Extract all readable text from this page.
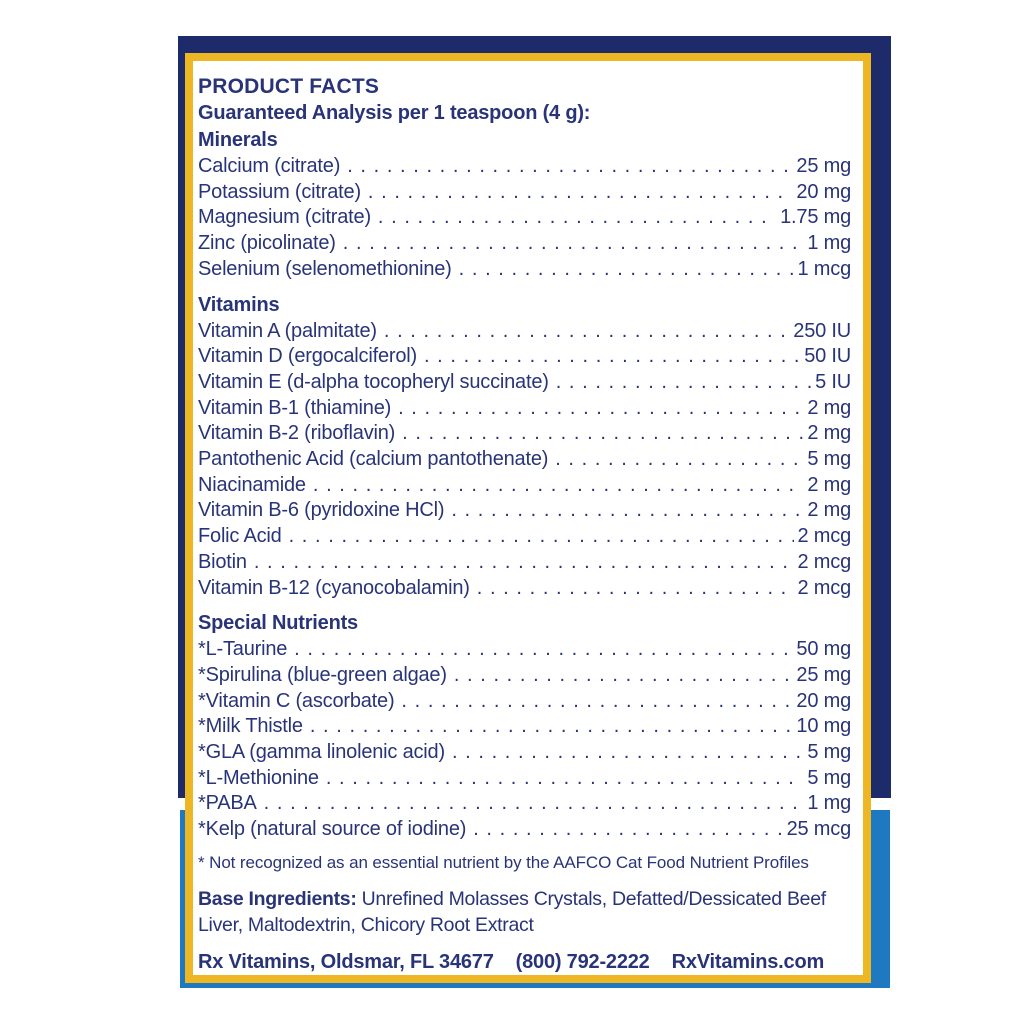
PRODUCT FACTS
Guaranteed Analysis per 1 teaspoon (4 g):
Minerals
Calcium (citrate) . . .	25 mg
Potassium (citrate) . . .	20 mg
Magnesium (citrate) . . .	1.75 mg
Zinc (picolinate) . . .	1 mg
Selenium (selenomethionine) . . .	1 mcg
Vitamins
Vitamin A (palmitate) . . .	250 IU
Vitamin D (ergocalciferol) . . .	50 IU
Vitamin E (d-alpha tocopheryl succinate) . . .	5 IU
Vitamin B-1 (thiamine) . . .	2 mg
Vitamin B-2 (riboflavin) . . .	2 mg
Pantothenic Acid (calcium pantothenate) . . .	5 mg
Niacinamide . . .	2 mg
Vitamin B-6 (pyridoxine HCl) . . .	2 mg
Folic Acid . . .	2 mcg
Biotin . . .	2 mcg
Vitamin B-12 (cyanocobalamin) . . .	2 mcg
Special Nutrients
*L-Taurine . . .	50 mg
*Spirulina (blue-green algae) . . .	25 mg
*Vitamin C (ascorbate) . . .	20 mg
*Milk Thistle . . .	10 mg
*GLA (gamma linolenic acid) . . .	5 mg
*L-Methionine . . .	5 mg
*PABA . . .	1 mg
*Kelp (natural source of iodine) . . .	25 mcg
* Not recognized as an essential nutrient by the AAFCO Cat Food Nutrient Profiles
Base Ingredients: Unrefined Molasses Crystals, Defatted/Dessicated Beef Liver, Maltodextrin, Chicory Root Extract
Rx Vitamins, Oldsmar, FL 34677 (800) 792-2222 RxVitamins.com
